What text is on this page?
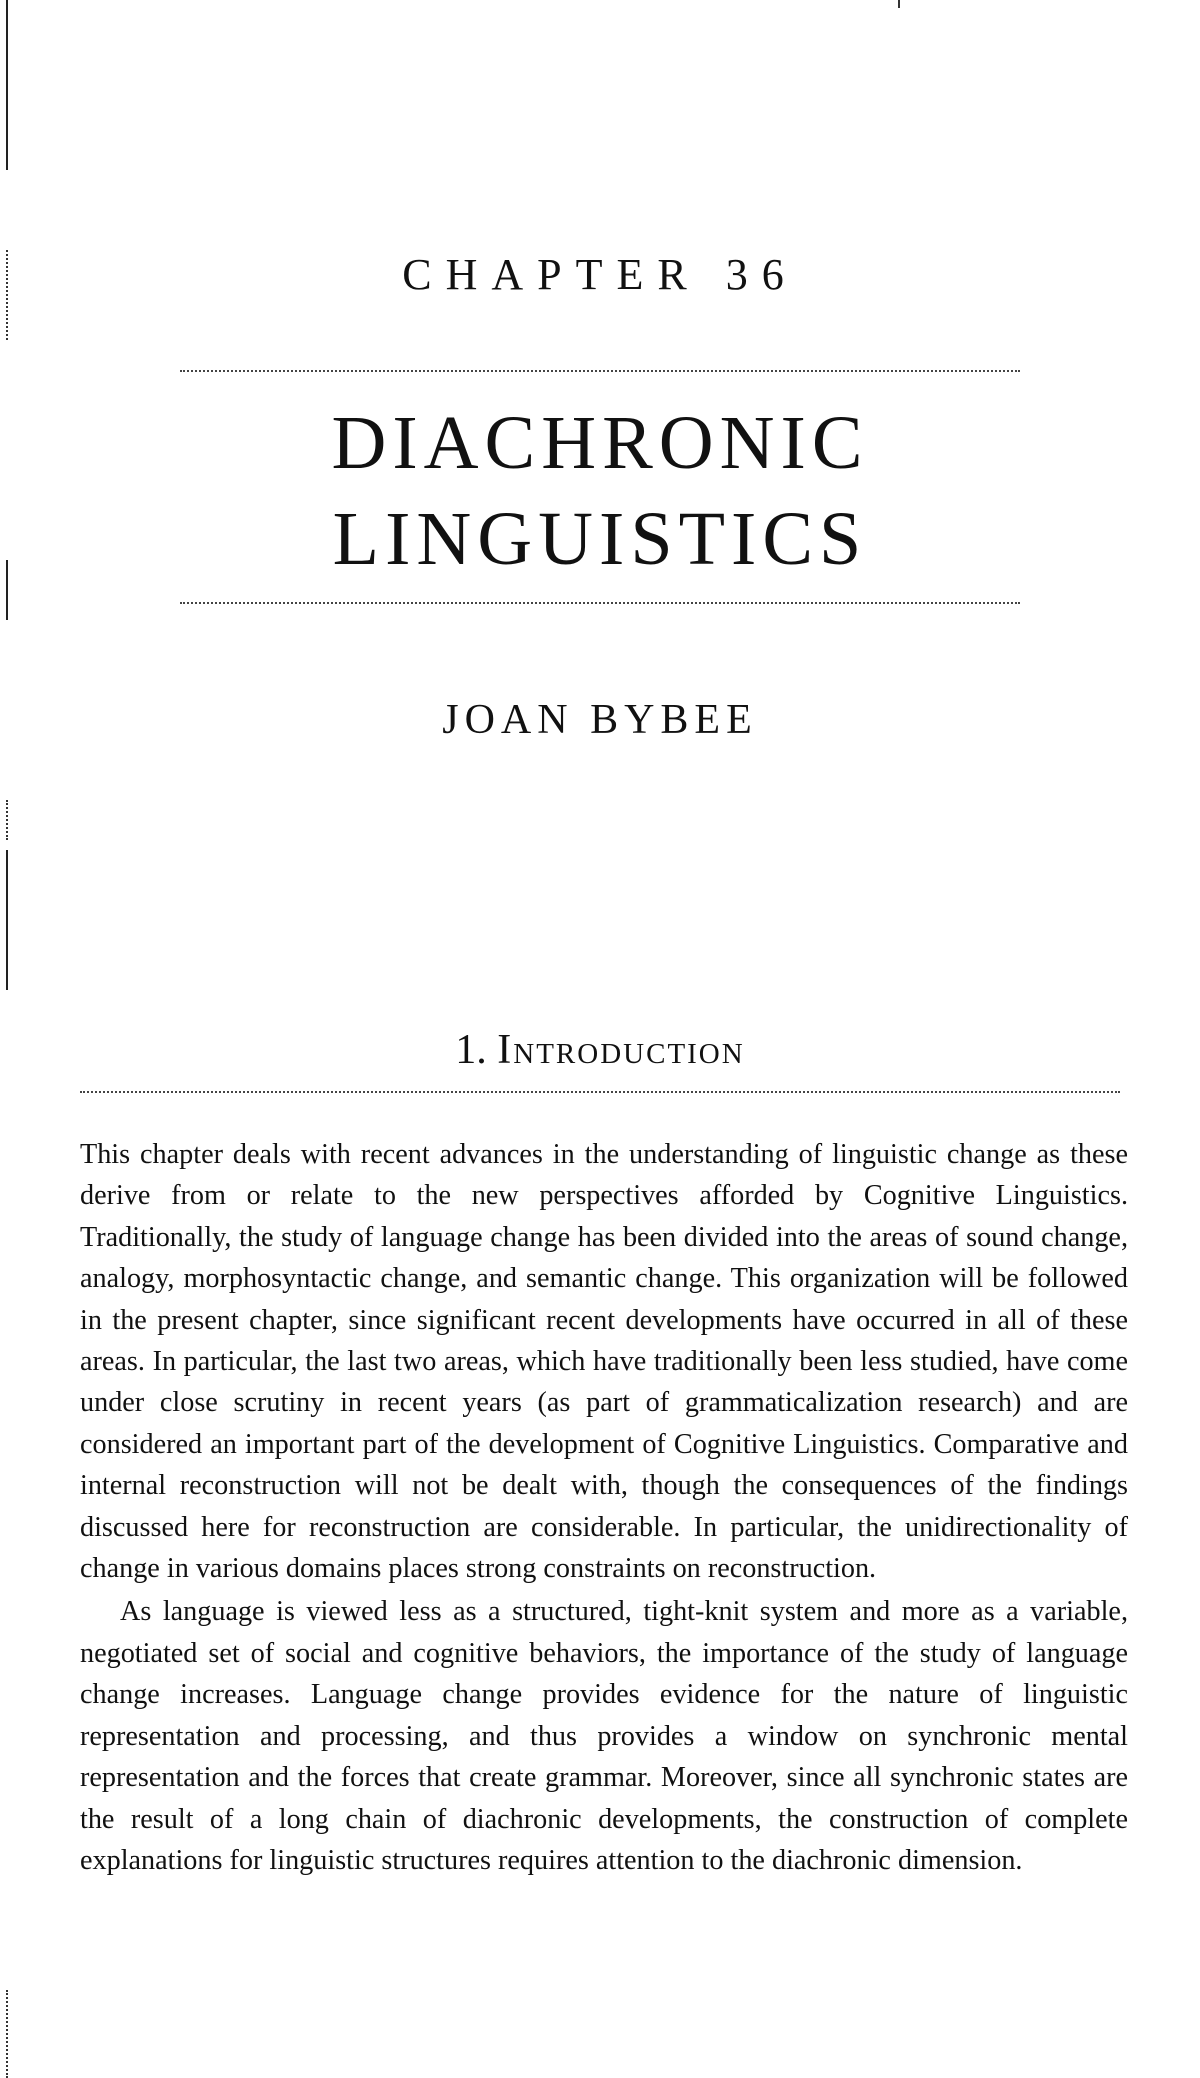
CHAPTER 36
DIACHRONIC
LINGUISTICS
JOAN BYBEE
1. Introduction

This chapter deals with recent advances in the understanding of linguistic change as these derive from or relate to the new perspectives afforded by Cognitive Linguistics. Traditionally, the study of language change has been divided into the areas of sound change, analogy, morphosyntactic change, and semantic change. This organization will be followed in the present chapter, since significant recent developments have occurred in all of these areas. In particular, the last two areas, which have traditionally been less studied, have come under close scrutiny in recent years (as part of grammaticalization research) and are considered an important part of the development of Cognitive Linguistics. Comparative and internal reconstruction will not be dealt with, though the consequences of the findings discussed here for reconstruction are considerable. In particular, the unidirectionality of change in various domains places strong constraints on reconstruction.

As language is viewed less as a structured, tight-knit system and more as a variable, negotiated set of social and cognitive behaviors, the importance of the study of language change increases. Language change provides evidence for the nature of linguistic representation and processing, and thus provides a window on synchronic mental representation and the forces that create grammar. Moreover, since all synchronic states are the result of a long chain of diachronic developments, the construction of complete explanations for linguistic structures requires attention to the diachronic dimension.
